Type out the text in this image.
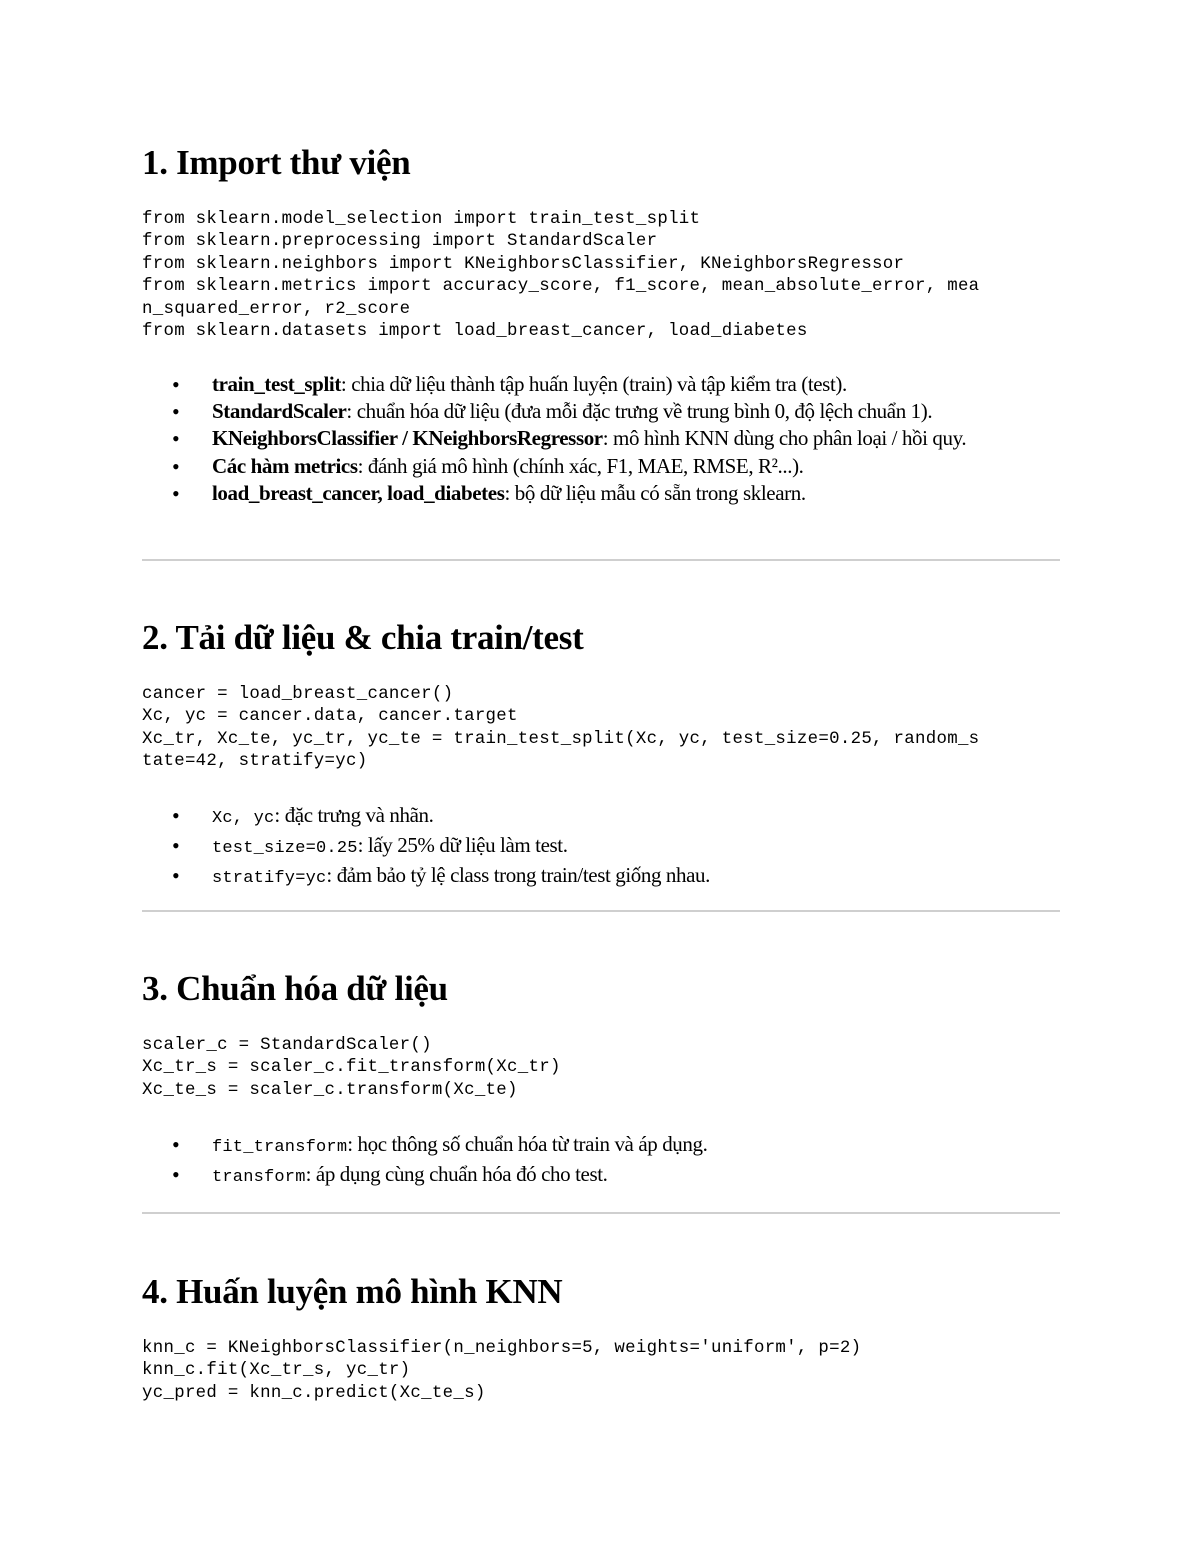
1. Import thư viện
from sklearn.model_selection import train_test_split
from sklearn.preprocessing import StandardScaler
from sklearn.neighbors import KNeighborsClassifier, KNeighborsRegressor
from sklearn.metrics import accuracy_score, f1_score, mean_absolute_error, mea
n_squared_error, r2_score
from sklearn.datasets import load_breast_cancer, load_diabetes
• train_test_split: chia dữ liệu thành tập huấn luyện (train) và tập kiểm tra (test).
• StandardScaler: chuẩn hóa dữ liệu (đưa mỗi đặc trưng về trung bình 0, độ lệch chuẩn 1).
• KNeighborsClassifier / KNeighborsRegressor: mô hình KNN dùng cho phân loại / hồi quy.
• Các hàm metrics: đánh giá mô hình (chính xác, F1, MAE, RMSE, R²...).
• load_breast_cancer, load_diabetes: bộ dữ liệu mẫu có sẵn trong sklearn.
2. Tải dữ liệu & chia train/test
cancer = load_breast_cancer()
Xc, yc = cancer.data, cancer.target
Xc_tr, Xc_te, yc_tr, yc_te = train_test_split(Xc, yc, test_size=0.25, random_s
tate=42, stratify=yc)
• Xc, yc: đặc trưng và nhãn.
• test_size=0.25: lấy 25% dữ liệu làm test.
• stratify=yc: đảm bảo tỷ lệ class trong train/test giống nhau.
3. Chuẩn hóa dữ liệu
scaler_c = StandardScaler()
Xc_tr_s = scaler_c.fit_transform(Xc_tr)
Xc_te_s = scaler_c.transform(Xc_te)
• fit_transform: học thông số chuẩn hóa từ train và áp dụng.
• transform: áp dụng cùng chuẩn hóa đó cho test.
4. Huấn luyện mô hình KNN
knn_c = KNeighborsClassifier(n_neighbors=5, weights='uniform', p=2)
knn_c.fit(Xc_tr_s, yc_tr)
yc_pred = knn_c.predict(Xc_te_s)
